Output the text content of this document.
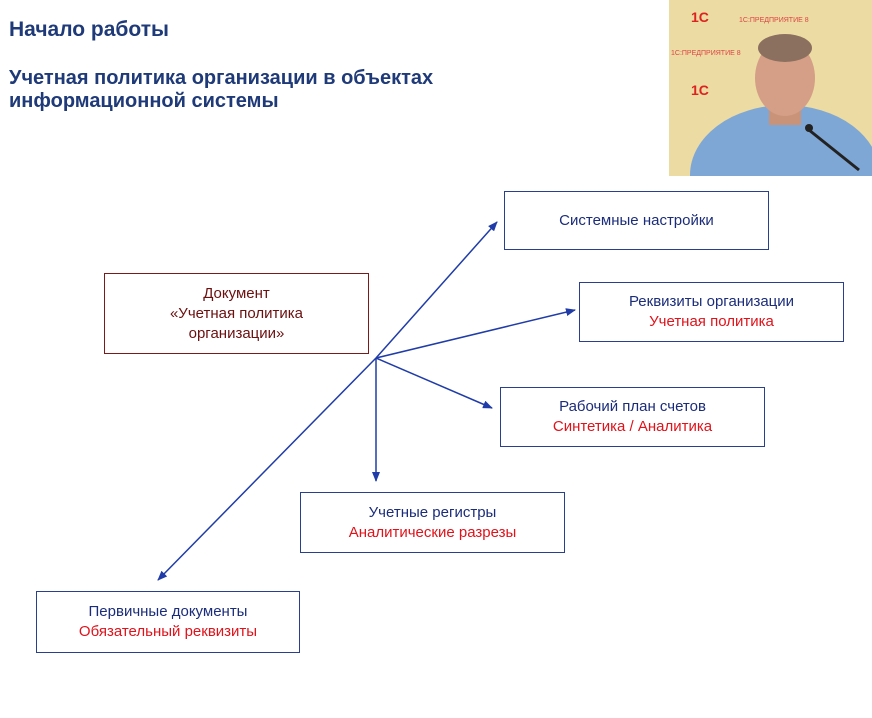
Начало работы
Учетная политика организации в объектах
информационной системы
1С	1С:ПРЕДПРИЯТИЕ 8
1С
1С:ПРЕДПРИЯТИЕ 8
Документ
«Учетная политика
организации»
Системные настройки
Реквизиты организации
Учетная политика
Рабочий план счетов
Синтетика / Аналитика
Учетные регистры
Аналитические разрезы
Первичные документы
Обязательный реквизиты
